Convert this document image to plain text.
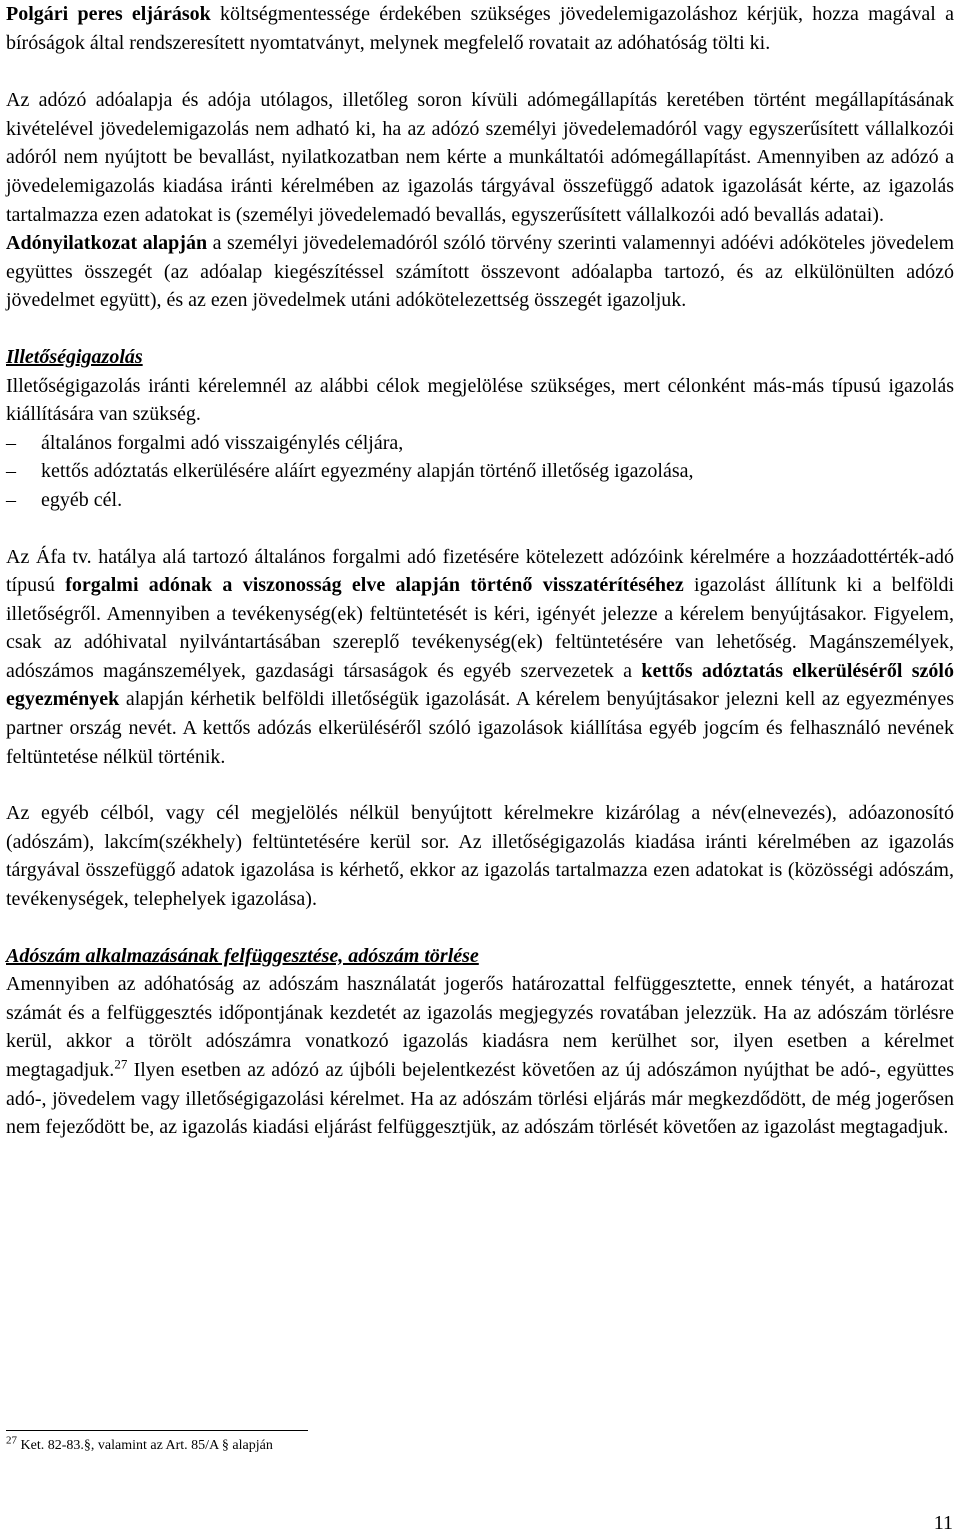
Polgári peres eljárások költségmentessége érdekében szükséges jövedelemigazoláshoz kérjük, hozza magával a bíróságok által rendszeresített nyomtatványt, melynek megfelelő rovatait az adóhatóság tölti ki.

Az adózó adóalapja és adója utólagos, illetőleg soron kívüli adómegállapítás keretében történt megállapításának kivételével jövedelemigazolás nem adható ki, ha az adózó személyi jövedelemadóról vagy egyszerűsített vállalkozói adóról nem nyújtott be bevallást, nyilatkozatban nem kérte a munkáltatói adómegállapítást. Amennyiben az adózó a jövedelemigazolás kiadása iránti kérelmében az igazolás tárgyával összefüggő adatok igazolását kérte, az igazolás tartalmazza ezen adatokat is (személyi jövedelemadó bevallás, egyszerűsített vállalkozói adó bevallás adatai).

Adónyilatkozat alapján a személyi jövedelemadóról szóló törvény szerinti valamennyi adóévi adóköteles jövedelem együttes összegét (az adóalap kiegészítéssel számított összevont adóalapba tartozó, és az elkülönülten adózó jövedelmet együtt), és az ezen jövedelmek utáni adókötelezettség összegét igazoljuk.

Illetőségigazolás

Illetőségigazolás iránti kérelemnél az alábbi célok megjelölése szükséges, mert célonként más-más típusú igazolás kiállítására van szükség.

– általános forgalmi adó visszaigénylés céljára,
– kettős adóztatás elkerülésére aláírt egyezmény alapján történő illetőség igazolása,
– egyéb cél.

Az Áfa tv. hatálya alá tartozó általános forgalmi adó fizetésére kötelezett adózóink kérelmére a hozzáadottérték-adó típusú forgalmi adónak a viszonosság elve alapján történő visszatérítéséhez igazolást állítunk ki a belföldi illetőségről. Amennyiben a tevékenység(ek) feltüntetését is kéri, igényét jelezze a kérelem benyújtásakor. Figyelem, csak az adóhivatal nyilvántartásában szereplő tevékenység(ek) feltüntetésére van lehetőség. Magánszemélyek, adószámos magánszemélyek, gazdasági társaságok és egyéb szervezetek a kettős adóztatás elkerüléséről szóló egyezmények alapján kérhetik belföldi illetőségük igazolását. A kérelem benyújtásakor jelezni kell az egyezményes partner ország nevét. A kettős adózás elkerüléséről szóló igazolások kiállítása egyéb jogcím és felhasználó nevének feltüntetése nélkül történik.

Az egyéb célból, vagy cél megjelölés nélkül benyújtott kérelmekre kizárólag a név(elnevezés), adóazonosító (adószám), lakcím(székhely) feltüntetésére kerül sor. Az illetőségigazolás kiadása iránti kérelmében az igazolás tárgyával összefüggő adatok igazolása is kérhető, ekkor az igazolás tartalmazza ezen adatokat is (közösségi adószám, tevékenységek, telephelyek igazolása).

Adószám alkalmazásának felfüggesztése, adószám törlése

Amennyiben az adóhatóság az adószám használatát jogerős határozattal felfüggesztette, ennek tényét, a határozat számát és a felfüggesztés időpontjának kezdetét az igazolás megjegyzés rovatában jelezzük. Ha az adószám törlésre kerül, akkor a törölt adószámra vonatkozó igazolás kiadásra nem kerülhet sor, ilyen esetben a kérelmet megtagadjuk.$^{27}$ Ilyen esetben az adózó az újbóli bejelentkezést követően az új adószámon nyújthat be adó-, együttes adó-, jövedelem vagy illetőségigazolási kérelmet. Ha az adószám törlési eljárás már megkezdődött, de még jogerősen nem fejeződött be, az igazolás kiadási eljárást felfüggesztjük, az adószám törlését követően az igazolást megtagadjuk.

$^{27}$ Ket. 82-83.§, valamint az Art. 85/A § alapján
11
